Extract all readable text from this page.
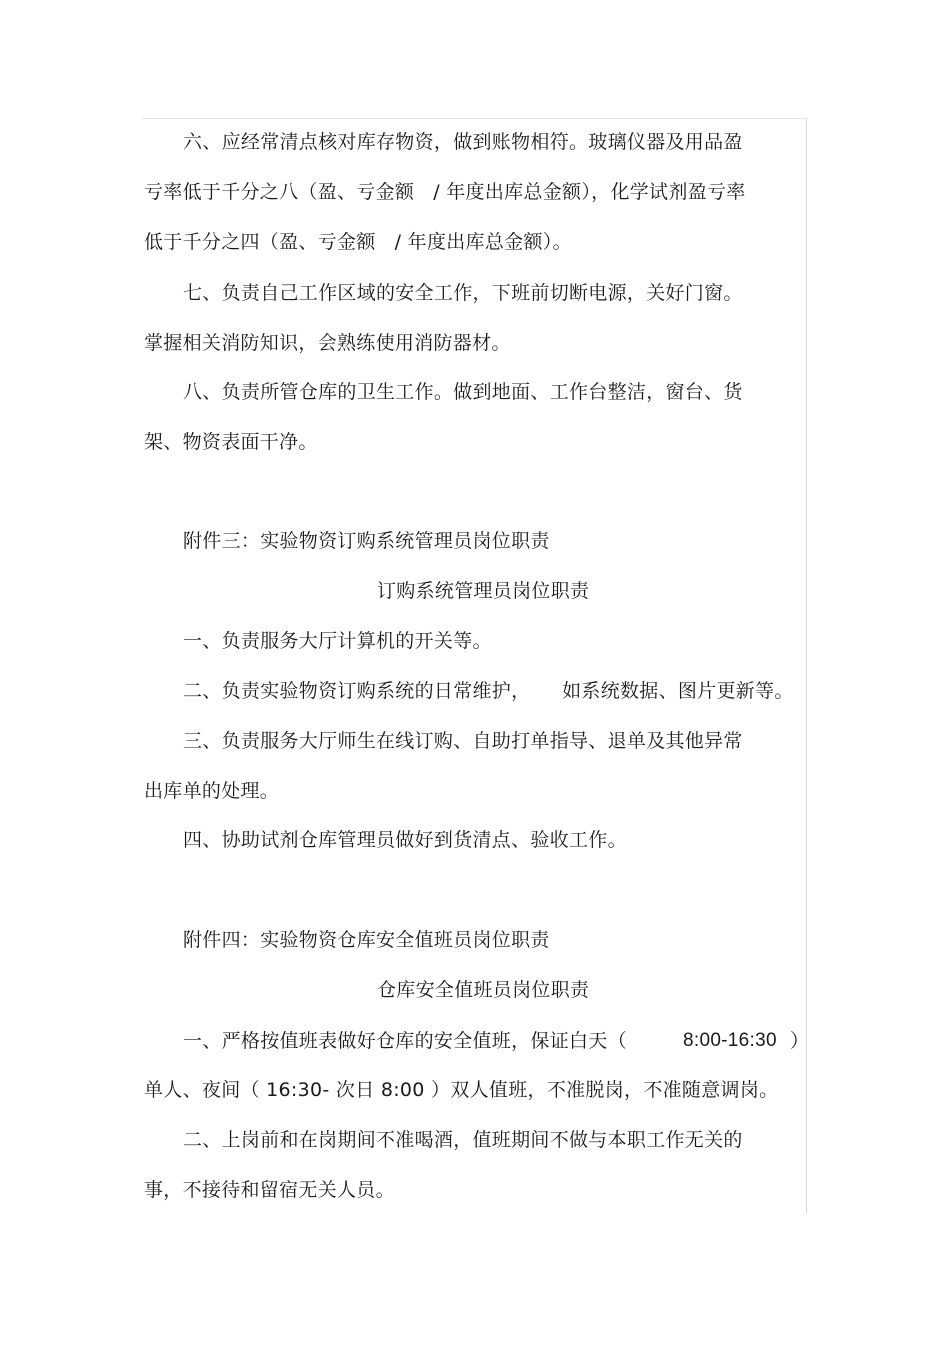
六、应经常清点核对库存物资，做到账物相符。玻璃仪器及用品盈
亏率低于千分之八（盈、亏金额   / 年度出库总金额），化学试剂盈亏率
低于千分之四（盈、亏金额   / 年度出库总金额）。
七、负责自己工作区域的安全工作，下班前切断电源，关好门窗。
掌握相关消防知识，会熟练使用消防器材。
八、负责所管仓库的卫生工作。做到地面、工作台整洁，窗台、货
架、物资表面干净。
附件三：实验物资订购系统管理员岗位职责
订购系统管理员岗位职责
一、负责服务大厅计算机的开关等。
二、负责实验物资订购系统的日常维护，     如系统数据、图片更新等。
三、负责服务大厅师生在线订购、自助打单指导、退单及其他异常
出库单的处理。
四、协助试剂仓库管理员做好到货清点、验收工作。
附件四：实验物资仓库安全值班员岗位职责
仓库安全值班员岗位职责
一、严格按值班表做好仓库的安全值班，保证白天（	8:00-16:30 ）
单人、夜间（ 16:30- 次日 8:00 ）双人值班，不准脱岗，不准随意调岗。
二、上岗前和在岗期间不准喝酒，值班期间不做与本职工作无关的
事，不接待和留宿无关人员。
